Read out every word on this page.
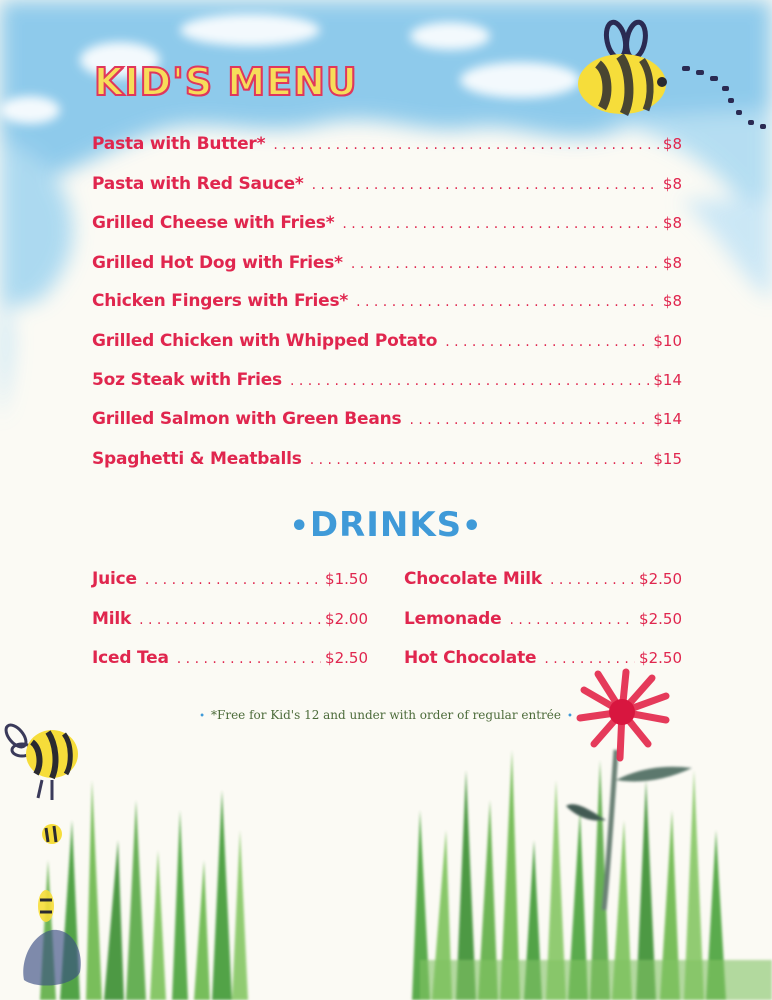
KID'S MENU
Pasta with Butter* . . .	$8
Pasta with Red Sauce* . . .	$8
Grilled Cheese with Fries* . . .	$8
Grilled Hot Dog with Fries* . . .	$8
Chicken Fingers with Fries* . . .	$8
Grilled Chicken with Whipped Potato . . .	$10
5oz Steak with Fries . . .	$14
Grilled Salmon with Green Beans . . .	$14
Spaghetti & Meatballs . . .	$15
•DRINKS•
Juice . . .	$1.50
Milk . . .	$2.00
Iced Tea . . .	$2.50
Chocolate Milk . . .	$2.50
Lemonade . . .	$2.50
Hot Chocolate . . .	$2.50
• *Free for Kid's 12 and under with order of regular entrée •
